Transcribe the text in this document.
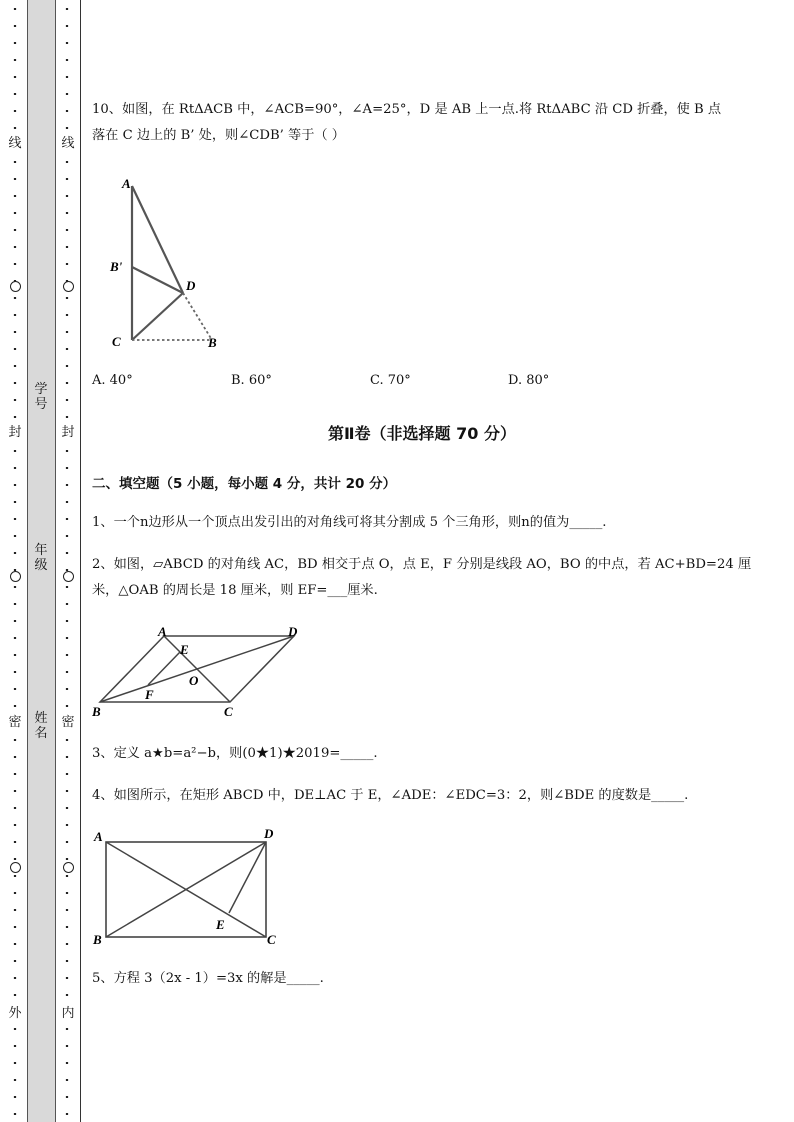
线
封
密
外
学 号
年 级
姓 名
线
封
密
内
10、如图，在 RtΔACB 中，∠ACB=90°，∠A=25°，D 是 AB 上一点.将 RtΔABC 沿 CD 折叠，使 B 点
落在 C 边上的 B’ 处，则∠CDB’ 等于（ ）
A
B'
D
C	B
A. 40°	B. 60°	C. 70°	D. 80°
第Ⅱ卷（非选择题 70 分）
二、填空题（5 小题，每小题 4 分，共计 20 分）
1、一个n边形从一个顶点出发引出的对角线可将其分割成 5 个三角形，则n的值为_____.
2、如图，▱ABCD 的对角线 AC，BD 相交于点 O，点 E，F 分别是线段 AO，BO 的中点，若 AC+BD=24 厘
米，△OAB 的周长是 18 厘米，则 EF=___厘米.
A	D
E
O
F
B	C
3、定义 a★b=a²−b，则(0★1)★2019=_____.
4、如图所示，在矩形 ABCD 中，DE⊥AC 于 E，∠ADE：∠EDC=3：2，则∠BDE 的度数是_____.
A	D
E
B	C
5、方程 3（2x - 1）=3x 的解是_____.
